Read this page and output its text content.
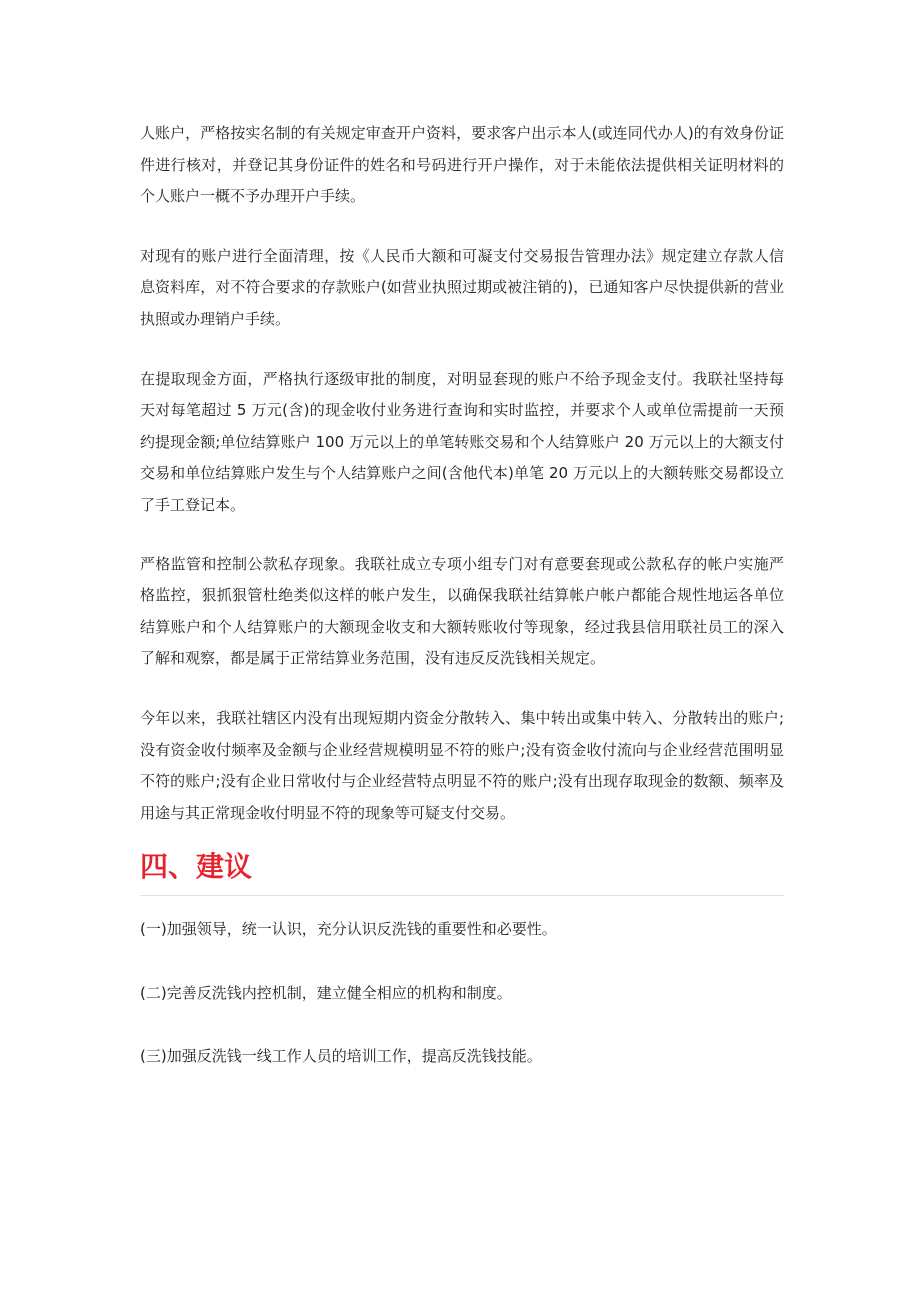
人账户，严格按实名制的有关规定审查开户资料，要求客户出示本人(或连同代办人)的有效身份证件进行核对，并登记其身份证件的姓名和号码进行开户操作，对于未能依法提供相关证明材料的个人账户一概不予办理开户手续。

对现有的账户进行全面清理，按《人民币大额和可凝支付交易报告管理办法》规定建立存款人信息资料库，对不符合要求的存款账户(如营业执照过期或被注销的)，已通知客户尽快提供新的营业执照或办理销户手续。

在提取现金方面，严格执行逐级审批的制度，对明显套现的账户不给予现金支付。我联社坚持每天对每笔超过 5 万元(含)的现金收付业务进行查询和实时监控，并要求个人或单位需提前一天预约提现金额;单位结算账户 100 万元以上的单笔转账交易和个人结算账户 20 万元以上的大额支付交易和单位结算账户发生与个人结算账户之间(含他代本)单笔 20 万元以上的大额转账交易都设立了手工登记本。

严格监管和控制公款私存现象。我联社成立专项小组专门对有意要套现或公款私存的帐户实施严格监控，狠抓狠管杜绝类似这样的帐户发生，以确保我联社结算帐户帐户都能合规性地运各单位结算账户和个人结算账户的大额现金收支和大额转账收付等现象，经过我县信用联社员工的深入了解和观察，都是属于正常结算业务范围，没有违反反洗钱相关规定。

今年以来，我联社辖区内没有出现短期内资金分散转入、集中转出或集中转入、分散转出的账户;没有资金收付频率及金额与企业经营规模明显不符的账户;没有资金收付流向与企业经营范围明显不符的账户;没有企业日常收付与企业经营特点明显不符的账户;没有出现存取现金的数额、频率及用途与其正常现金收付明显不符的现象等可疑支付交易。

四、建议

(一)加强领导，统一认识，充分认识反洗钱的重要性和必要性。

(二)完善反洗钱内控机制，建立健全相应的机构和制度。

(三)加强反洗钱一线工作人员的培训工作，提高反洗钱技能。
